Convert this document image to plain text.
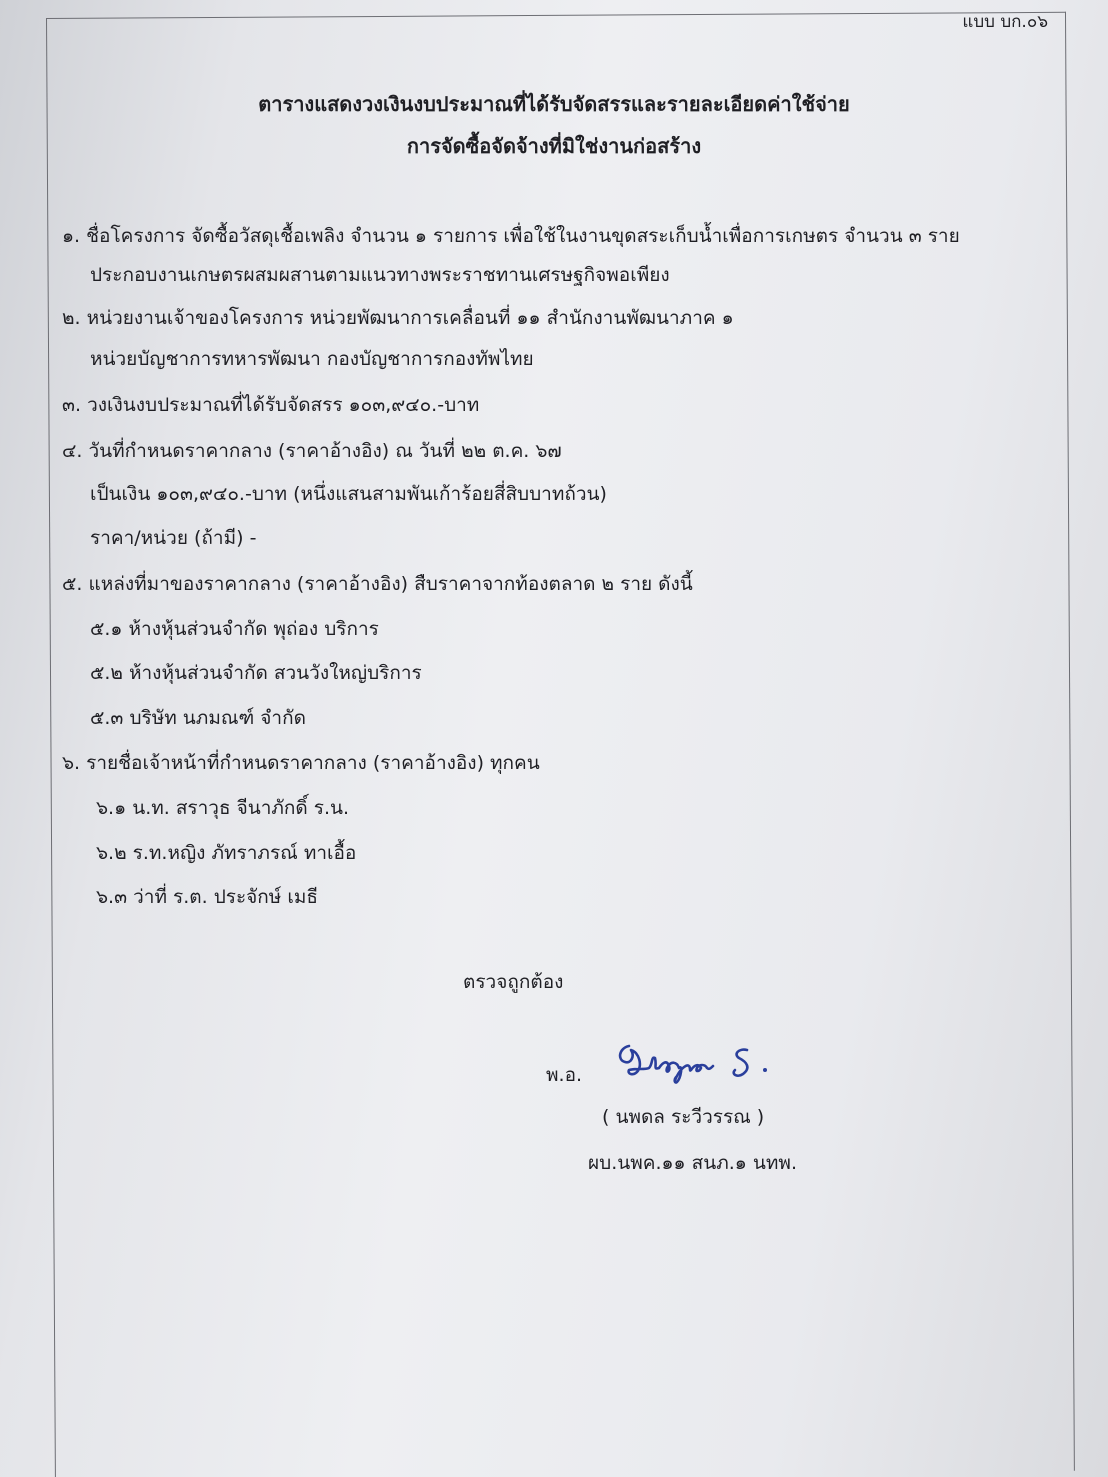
แบบ บก.๐๖
ตารางแสดงวงเงินงบประมาณที่ได้รับจัดสรรและรายละเอียดค่าใช้จ่าย
การจัดซื้อจัดจ้างที่มิใช่งานก่อสร้าง
๑. ชื่อโครงการ จัดซื้อวัสดุเชื้อเพลิง จำนวน ๑ รายการ เพื่อใช้ในงานขุดสระเก็บน้ำเพื่อการเกษตร จำนวน ๓ ราย
ประกอบงานเกษตรผสมผสานตามแนวทางพระราชทานเศรษฐกิจพอเพียง
๒. หน่วยงานเจ้าของโครงการ หน่วยพัฒนาการเคลื่อนที่ ๑๑ สำนักงานพัฒนาภาค ๑
หน่วยบัญชาการทหารพัฒนา กองบัญชาการกองทัพไทย
๓. วงเงินงบประมาณที่ได้รับจัดสรร ๑๐๓,๙๔๐.-บาท
๔. วันที่กำหนดราคากลาง (ราคาอ้างอิง) ณ วันที่ ๒๒ ต.ค. ๖๗
เป็นเงิน ๑๐๓,๙๔๐.-บาท (หนึ่งแสนสามพันเก้าร้อยสี่สิบบาทถ้วน)
ราคา/หน่วย (ถ้ามี) -
๕. แหล่งที่มาของราคากลาง (ราคาอ้างอิง) สืบราคาจากท้องตลาด ๒ ราย ดังนี้
๕.๑ ห้างหุ้นส่วนจำกัด พุถ่อง บริการ
๕.๒ ห้างหุ้นส่วนจำกัด สวนวังใหญ่บริการ
๕.๓ บริษัท นภมณฑ์ จำกัด
๖. รายชื่อเจ้าหน้าที่กำหนดราคากลาง (ราคาอ้างอิง) ทุกคน
๖.๑ น.ท. สราวุธ จีนาภักดิ์ ร.น.
๖.๒ ร.ท.หญิง ภัทราภรณ์ ทาเอื้อ
๖.๓ ว่าที่ ร.ต. ประจักษ์ เมธี
ตรวจถูกต้อง
พ.อ.
( นพดล ระวีวรรณ )
ผบ.นพค.๑๑ สนภ.๑ นทพ.
